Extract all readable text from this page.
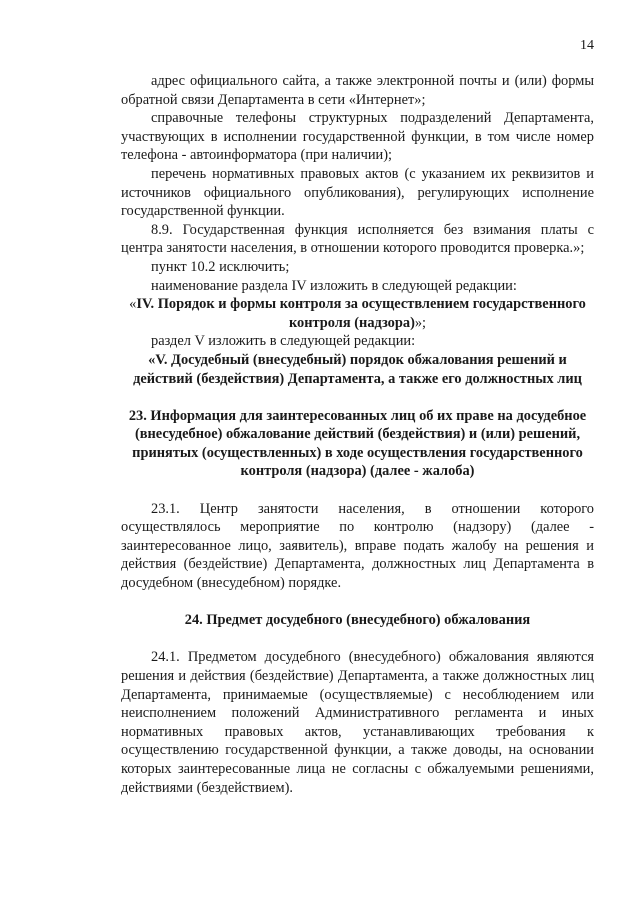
14

адрес официального сайта, а также электронной почты и (или) формы обратной связи Департамента в сети «Интернет»;

справочные телефоны структурных подразделений Департамента, участвующих в исполнении государственной функции, в том числе номер телефона - автоинформатора (при наличии);

перечень нормативных правовых актов (с указанием их реквизитов и источников официального опубликования), регулирующих исполнение государственной функции.

8.9. Государственная функция исполняется без взимания платы с центра занятости населения, в отношении которого проводится проверка.»;

пункт 10.2 исключить;

наименование раздела IV изложить в следующей редакции:

«IV. Порядок и формы контроля за осуществлением государственного контроля (надзора)»;

раздел V изложить в следующей редакции:

«V. Досудебный (внесудебный) порядок обжалования решений и действий (бездействия) Департамента, а также его должностных лиц

23. Информация для заинтересованных лиц об их праве на досудебное (внесудебное) обжалование действий (бездействия) и (или) решений, принятых (осуществленных) в ходе осуществления государственного контроля (надзора) (далее - жалоба)

23.1. Центр занятости населения, в отношении которого осуществлялось мероприятие по контролю (надзору) (далее - заинтересованное лицо, заявитель), вправе подать жалобу на решения и действия (бездействие) Департамента, должностных лиц Департамента в досудебном (внесудебном) порядке.

24. Предмет досудебного (внесудебного) обжалования

24.1. Предметом досудебного (внесудебного) обжалования являются решения и действия (бездействие) Департамента, а также должностных лиц Департамента, принимаемые (осуществляемые) с несоблюдением или неисполнением положений Административного регламента и иных нормативных правовых актов, устанавливающих требования к осуществлению государственной функции, а также доводы, на основании которых заинтересованные лица не согласны с обжалуемыми решениями, действиями (бездействием).
